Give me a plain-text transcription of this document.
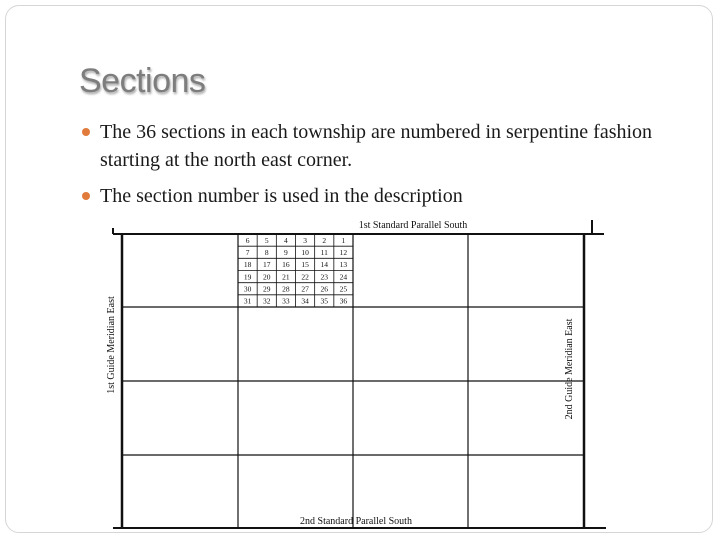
Sections
The 36 sections in each township are numbered in serpentine fashion starting at the north east corner.
The section number is used in the description
6 5 4 3 2 1
7 8 9 10 11 12
18 17 16 15 14 13
19 20 21 22 23 24
30 29 28 27 26 25
31 32 33 34 35 36
1st Standard Parallel South
2nd Standard Parallel South
1st Guide Meridian East	2nd Guide Meridian East
